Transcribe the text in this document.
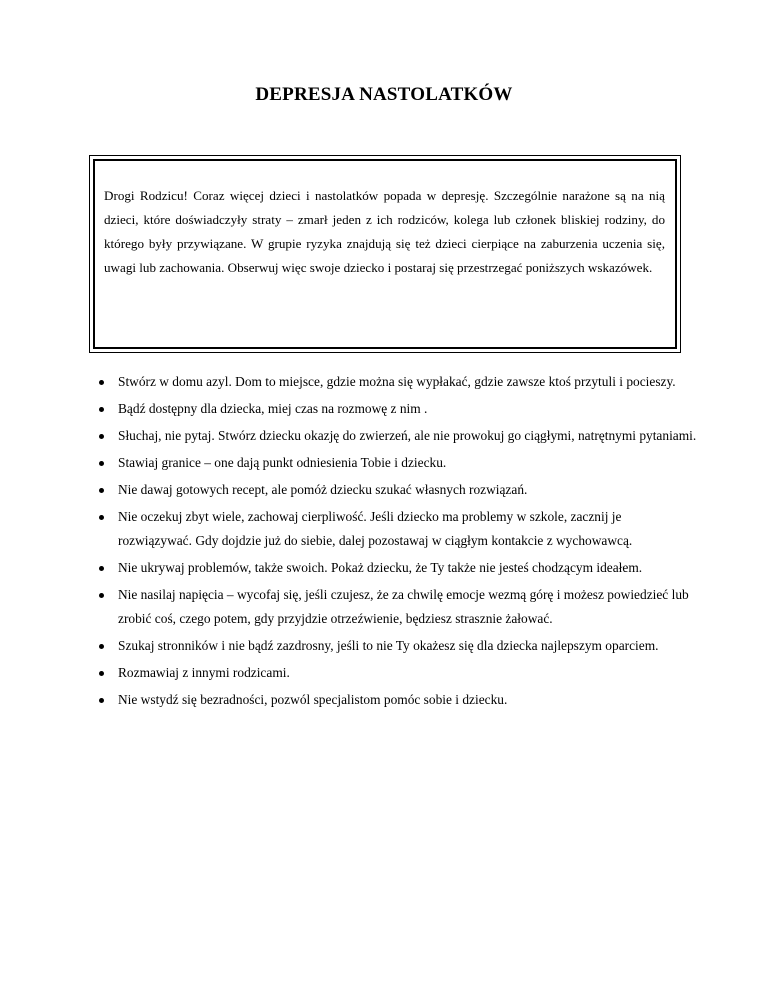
DEPRESJA NASTOLATKÓW

Drogi Rodzicu! Coraz więcej dzieci i nastolatków popada w depresję. Szczególnie narażone są na nią dzieci, które doświadczyły straty – zmarł jeden z ich rodziców, kolega lub członek bliskiej rodziny, do którego były przywiązane. W grupie ryzyka znajdują się też dzieci cierpiące na zaburzenia uczenia się, uwagi lub zachowania. Obserwuj więc swoje dziecko i postaraj się przestrzegać poniższych wskazówek.

Stwórz w domu azyl. Dom to miejsce, gdzie można się wypłakać, gdzie zawsze ktoś przytuli i pocieszy.
Bądź dostępny dla dziecka, miej czas na rozmowę z nim .
Słuchaj, nie pytaj. Stwórz dziecku okazję do zwierzeń, ale nie prowokuj go ciągłymi, natrętnymi pytaniami.
Stawiaj granice – one dają punkt odniesienia Tobie i dziecku.
Nie dawaj gotowych recept, ale pomóż dziecku szukać własnych rozwiązań.
Nie oczekuj zbyt wiele, zachowaj cierpliwość. Jeśli dziecko ma problemy w szkole, zacznij je rozwiązywać. Gdy dojdzie już do siebie, dalej pozostawaj w ciągłym kontakcie z wychowawcą.
Nie ukrywaj problemów, także swoich. Pokaż dziecku, że Ty także nie jesteś chodzącym ideałem.
Nie nasilaj napięcia – wycofaj się, jeśli czujesz, że za chwilę emocje wezmą górę i możesz powiedzieć lub zrobić coś, czego potem, gdy przyjdzie otrzeźwienie, będziesz strasznie żałować.
Szukaj stronników i nie bądź zazdrosny, jeśli to nie Ty okażesz się dla dziecka najlepszym oparciem.
Rozmawiaj z innymi rodzicami.
Nie wstydź się bezradności, pozwól specjalistom pomóc sobie i dziecku.
